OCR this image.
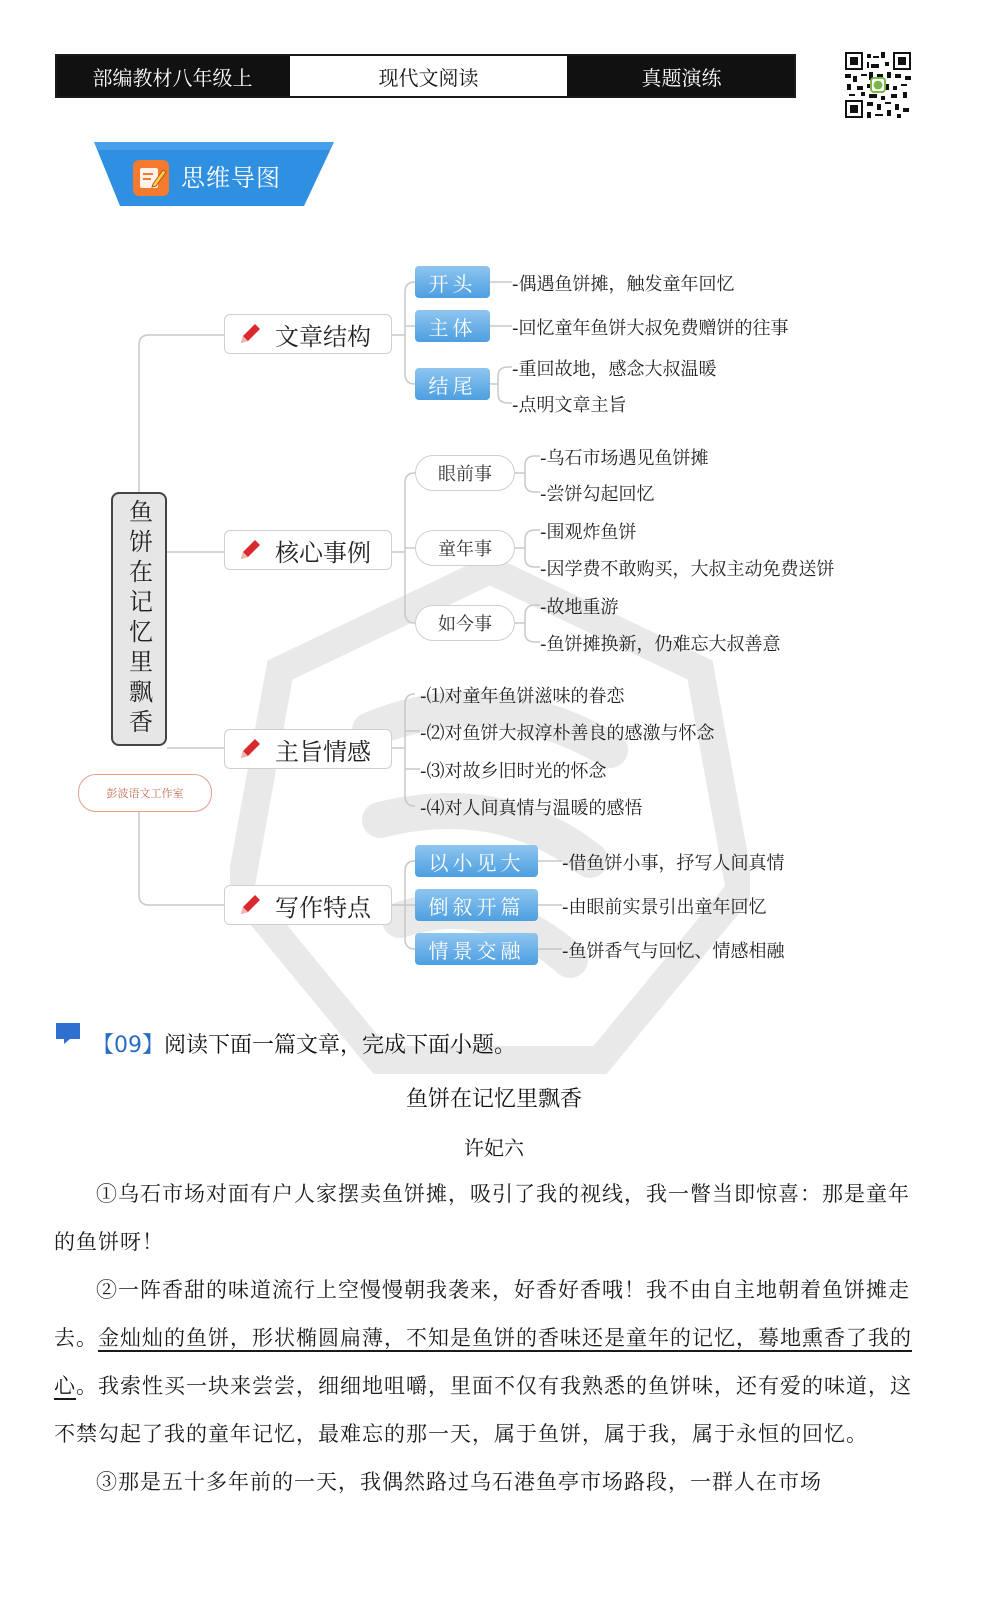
部编教材八年级上	现代文阅读	真题演练
思维导图
鱼饼在记忆里飘香
彭波语文工作室
文章结构
开头
主体
结尾
-偶遇鱼饼摊，触发童年回忆
-回忆童年鱼饼大叔免费赠饼的往事
-重回故地，感念大叔温暖
-点明文章主旨
核心事例
眼前事
童年事
如今事
-乌石市场遇见鱼饼摊
-尝饼勾起回忆
-围观炸鱼饼
-因学费不敢购买，大叔主动免费送饼
-故地重游
-鱼饼摊换新，仍难忘大叔善意
主旨情感
-⑴对童年鱼饼滋味的眷恋
-⑵对鱼饼大叔淳朴善良的感激与怀念
-⑶对故乡旧时光的怀念
-⑷对人间真情与温暖的感悟
写作特点
以小见大
倒叙开篇
情景交融
-借鱼饼小事，抒写人间真情
-由眼前实景引出童年回忆
-鱼饼香气与回忆、情感相融
【09】阅读下面一篇文章，完成下面小题。
鱼饼在记忆里飘香
许妃六

①乌石市场对面有户人家摆卖鱼饼摊，吸引了我的视线，我一瞥当即惊喜：那是童年的鱼饼呀！

②一阵香甜的味道流行上空慢慢朝我袭来，好香好香哦！我不由自主地朝着鱼饼摊走去。金灿灿的鱼饼，形状椭圆扁薄，不知是鱼饼的香味还是童年的记忆，蓦地熏香了我的心。我索性买一块来尝尝，细细地咀嚼，里面不仅有我熟悉的鱼饼味，还有爱的味道，这不禁勾起了我的童年记忆，最难忘的那一天，属于鱼饼，属于我，属于永恒的回忆。

③那是五十多年前的一天，我偶然路过乌石港鱼亭市场路段，一群人在市场
